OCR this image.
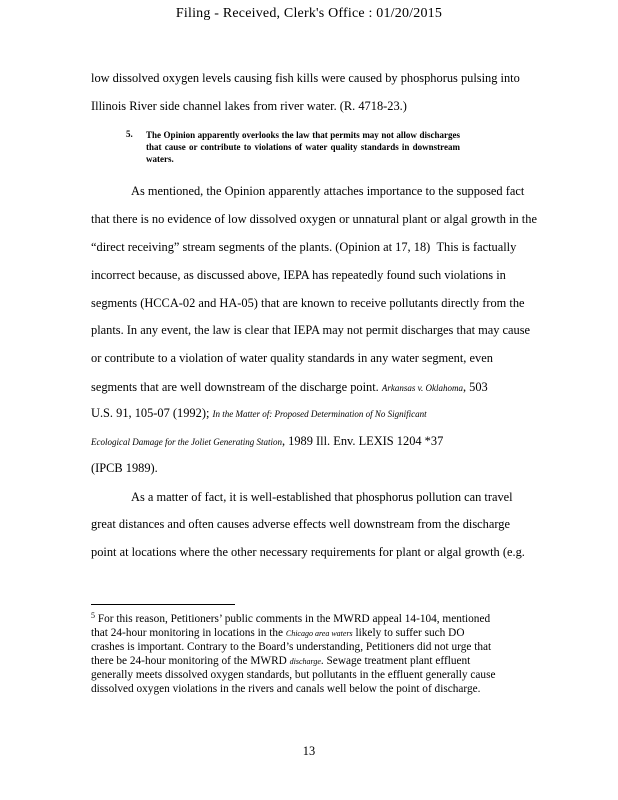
Filing - Received, Clerk's Office : 01/20/2015
low dissolved oxygen levels causing fish kills were caused by phosphorus pulsing into
Illinois River side channel lakes from river water. (R. 4718-23.)
5. The Opinion apparently overlooks the law that permits may not allow discharges that cause or contribute to violations of water quality standards in downstream waters.
As mentioned, the Opinion apparently attaches importance to the supposed fact
that there is no evidence of low dissolved oxygen or unnatural plant or algal growth in the
“direct receiving” stream segments of the plants. (Opinion at 17, 18) This is factually
incorrect because, as discussed above, IEPA has repeatedly found such violations in
segments (HCCA-02 and HA-05) that are known to receive pollutants directly from the
plants. In any event, the law is clear that IEPA may not permit discharges that may cause
or contribute to a violation of water quality standards in any water segment, even
segments that are well downstream of the discharge point. Arkansas v. Oklahoma, 503
U.S. 91, 105-07 (1992); In the Matter of: Proposed Determination of No Significant
Ecological Damage for the Joliet Generating Station, 1989 Ill. Env. LEXIS 1204 *37
(IPCB 1989).
As a matter of fact, it is well-established that phosphorus pollution can travel
great distances and often causes adverse effects well downstream from the discharge
point at locations where the other necessary requirements for plant or algal growth (e.g.
$^5$ For this reason, Petitioners’ public comments in the MWRD appeal 14-104, mentioned
that 24-hour monitoring in locations in the Chicago area waters likely to suffer such DO
crashes is important. Contrary to the Board’s understanding, Petitioners did not urge that
there be 24-hour monitoring of the MWRD discharge. Sewage treatment plant effluent
generally meets dissolved oxygen standards, but pollutants in the effluent generally cause
dissolved oxygen violations in the rivers and canals well below the point of discharge.
13
